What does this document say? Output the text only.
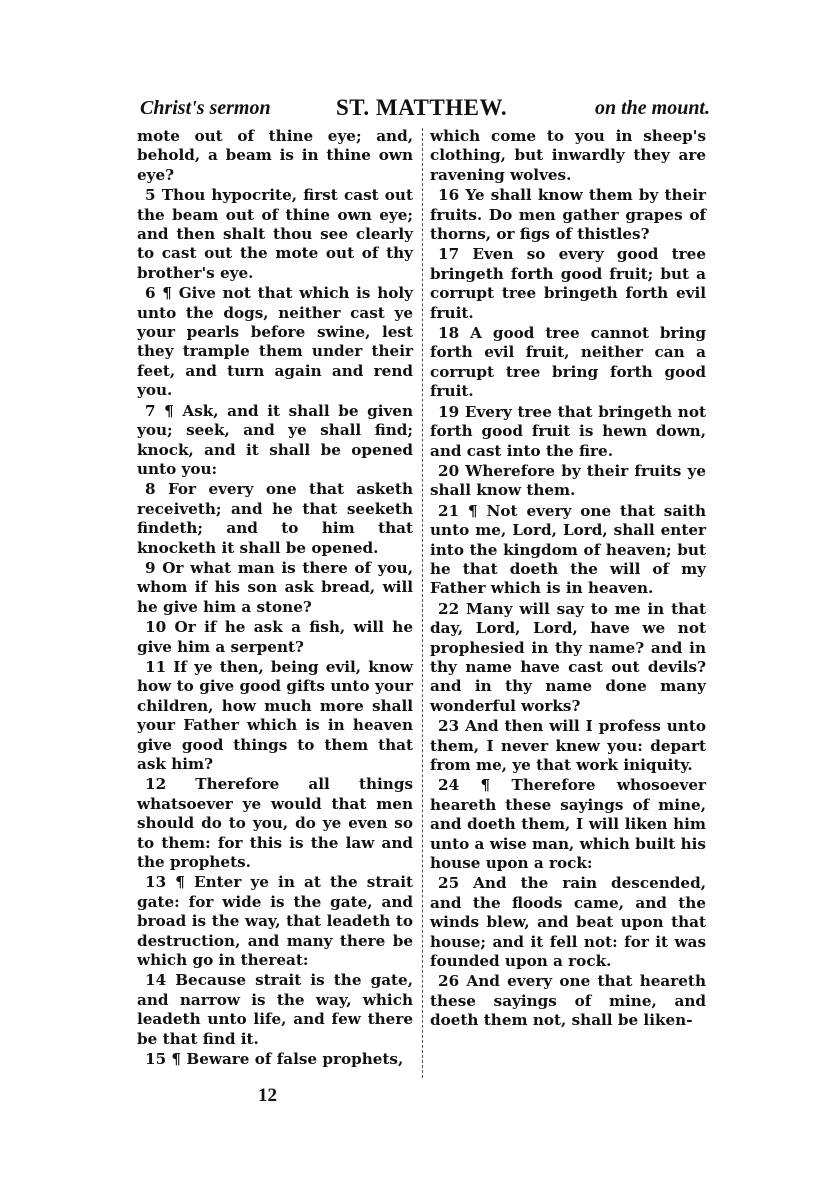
Christ's sermon	ST. MATTHEW.	on the mount.

mote out of thine eye; and, behold, a beam is in thine own eye?

5 Thou hypocrite, first cast out the beam out of thine own eye; and then shalt thou see clearly to cast out the mote out of thy brother's eye.

6 ¶ Give not that which is holy unto the dogs, neither cast ye your pearls before swine, lest they trample them under their feet, and turn again and rend you.

7 ¶ Ask, and it shall be given you; seek, and ye shall find; knock, and it shall be opened unto you:

8 For every one that asketh receiveth; and he that seeketh findeth; and to him that knocketh it shall be opened.

9 Or what man is there of you, whom if his son ask bread, will he give him a stone?

10 Or if he ask a fish, will he give him a serpent?

11 If ye then, being evil, know how to give good gifts unto your children, how much more shall your Father which is in heaven give good things to them that ask him?

12 Therefore all things whatsoever ye would that men should do to you, do ye even so to them: for this is the law and the prophets.

13 ¶ Enter ye in at the strait gate: for wide is the gate, and broad is the way, that leadeth to destruction, and many there be which go in thereat:

14 Because strait is the gate, and narrow is the way, which leadeth unto life, and few there be that find it.

15 ¶ Beware of false prophets,

which come to you in sheep's clothing, but inwardly they are ravening wolves.

16 Ye shall know them by their fruits. Do men gather grapes of thorns, or figs of thistles?

17 Even so every good tree bringeth forth good fruit; but a corrupt tree bringeth forth evil fruit.

18 A good tree cannot bring forth evil fruit, neither can a corrupt tree bring forth good fruit.

19 Every tree that bringeth not forth good fruit is hewn down, and cast into the fire.

20 Wherefore by their fruits ye shall know them.

21 ¶ Not every one that saith unto me, Lord, Lord, shall enter into the kingdom of heaven; but he that doeth the will of my Father which is in heaven.

22 Many will say to me in that day, Lord, Lord, have we not prophesied in thy name? and in thy name have cast out devils? and in thy name done many wonderful works?

23 And then will I profess unto them, I never knew you: depart from me, ye that work iniquity.

24 ¶ Therefore whosoever heareth these sayings of mine, and doeth them, I will liken him unto a wise man, which built his house upon a rock:

25 And the rain descended, and the floods came, and the winds blew, and beat upon that house; and it fell not: for it was founded upon a rock.

26 And every one that heareth these sayings of mine, and doeth them not, shall be liken-

12
